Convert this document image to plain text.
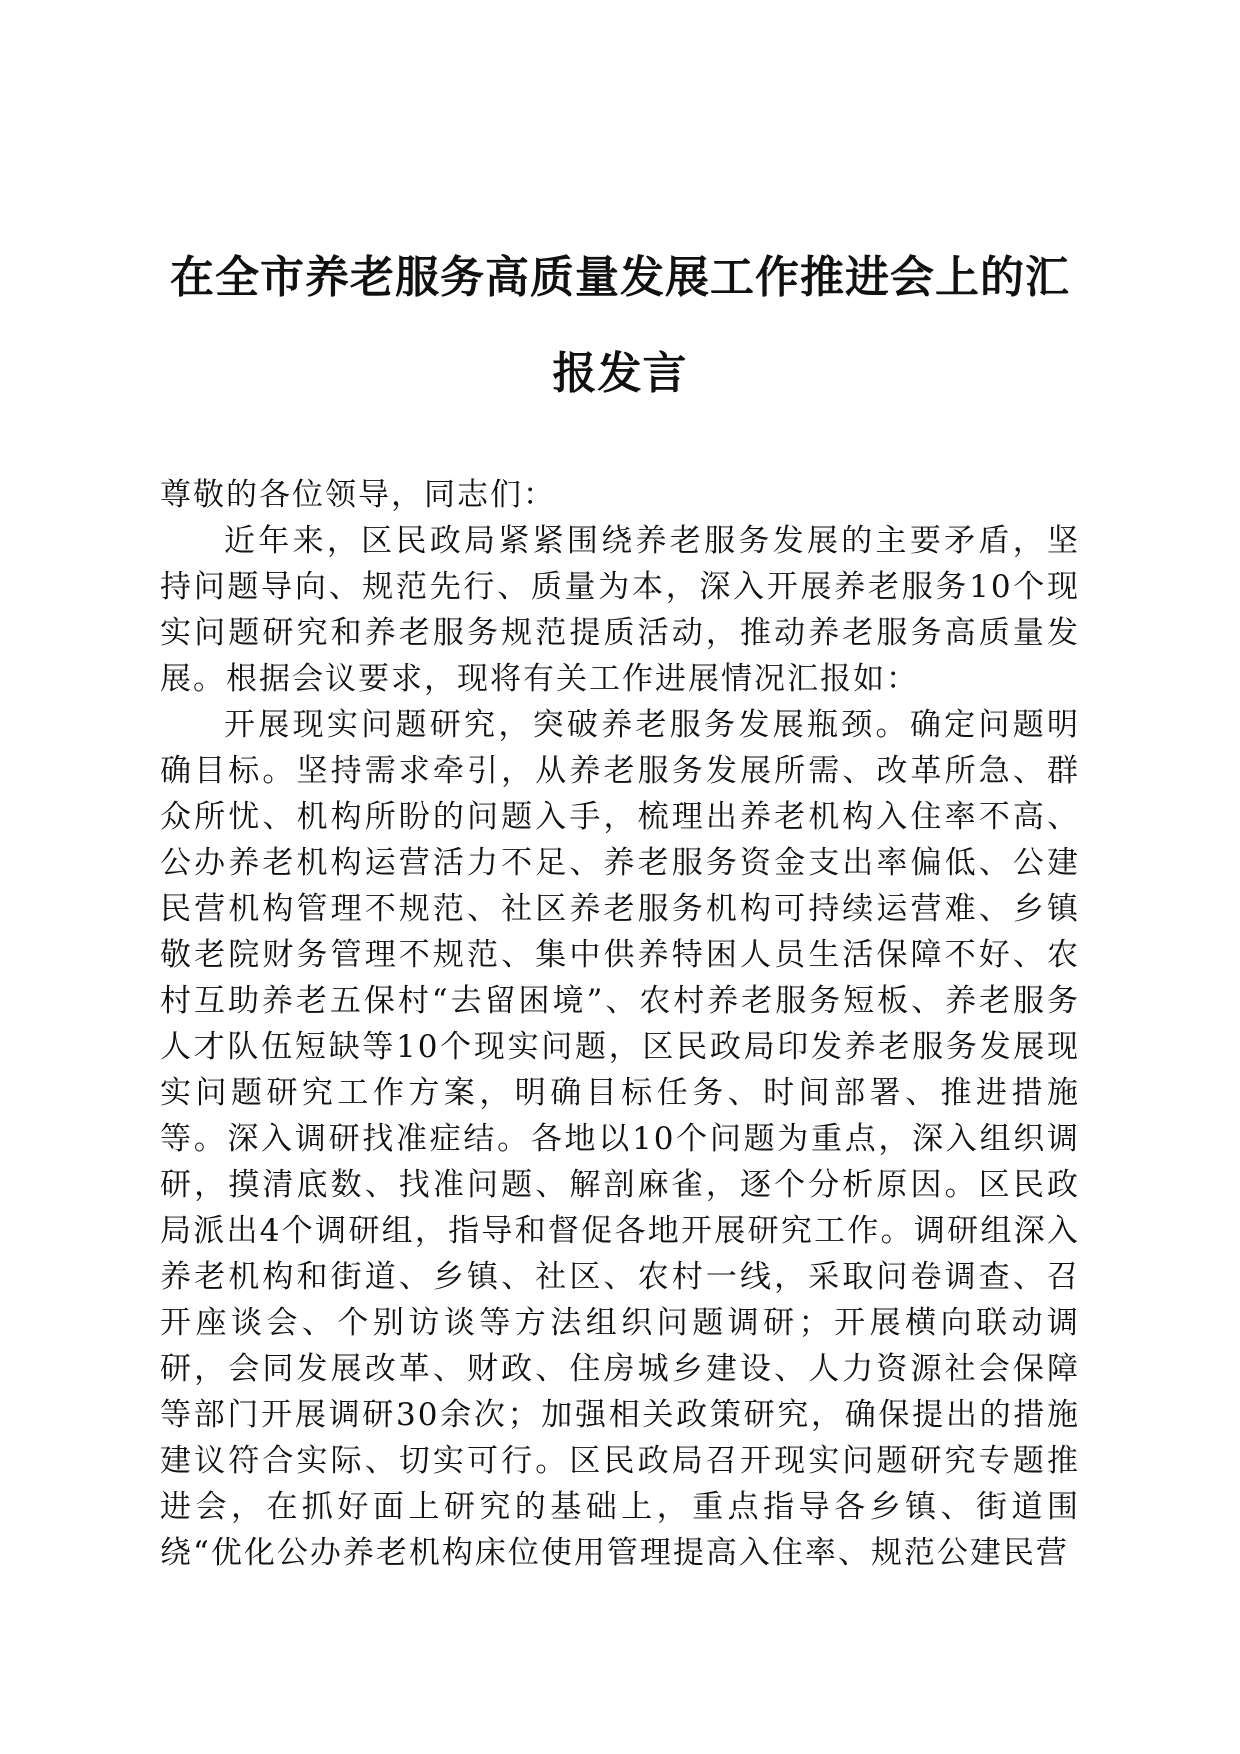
在全市养老服务高质量发展工作推进会上的汇
报发言

尊敬的各位领导，同志们：

近年来，区民政局紧紧围绕养老服务发展的主要矛盾，坚持问题导向、规范先行、质量为本，深入开展养老服务10个现实问题研究和养老服务规范提质活动，推动养老服务高质量发展。根据会议要求，现将有关工作进展情况汇报如：

开展现实问题研究，突破养老服务发展瓶颈。确定问题明确目标。坚持需求牵引，从养老服务发展所需、改革所急、群众所忧、机构所盼的问题入手，梳理出养老机构入住率不高、公办养老机构运营活力不足、养老服务资金支出率偏低、公建民营机构管理不规范、社区养老服务机构可持续运营难、乡镇敬老院财务管理不规范、集中供养特困人员生活保障不好、农村互助养老五保村“去留困境”、农村养老服务短板、养老服务人才队伍短缺等10个现实问题，区民政局印发养老服务发展现实问题研究工作方案，明确目标任务、时间部署、推进措施等。深入调研找准症结。各地以10个问题为重点，深入组织调研，摸清底数、找准问题、解剖麻雀，逐个分析原因。区民政局派出4个调研组，指导和督促各地开展研究工作。调研组深入养老机构和街道、乡镇、社区、农村一线，采取问卷调查、召开座谈会、个别访谈等方法组织问题调研；开展横向联动调研，会同发展改革、财政、住房城乡建设、人力资源社会保障等部门开展调研30余次；加强相关政策研究，确保提出的措施建议符合实际、切实可行。区民政局召开现实问题研究专题推进会，在抓好面上研究的基础上，重点指导各乡镇、街道围绕“优化公办养老机构床位使用管理提高入住率、规范公建民营
